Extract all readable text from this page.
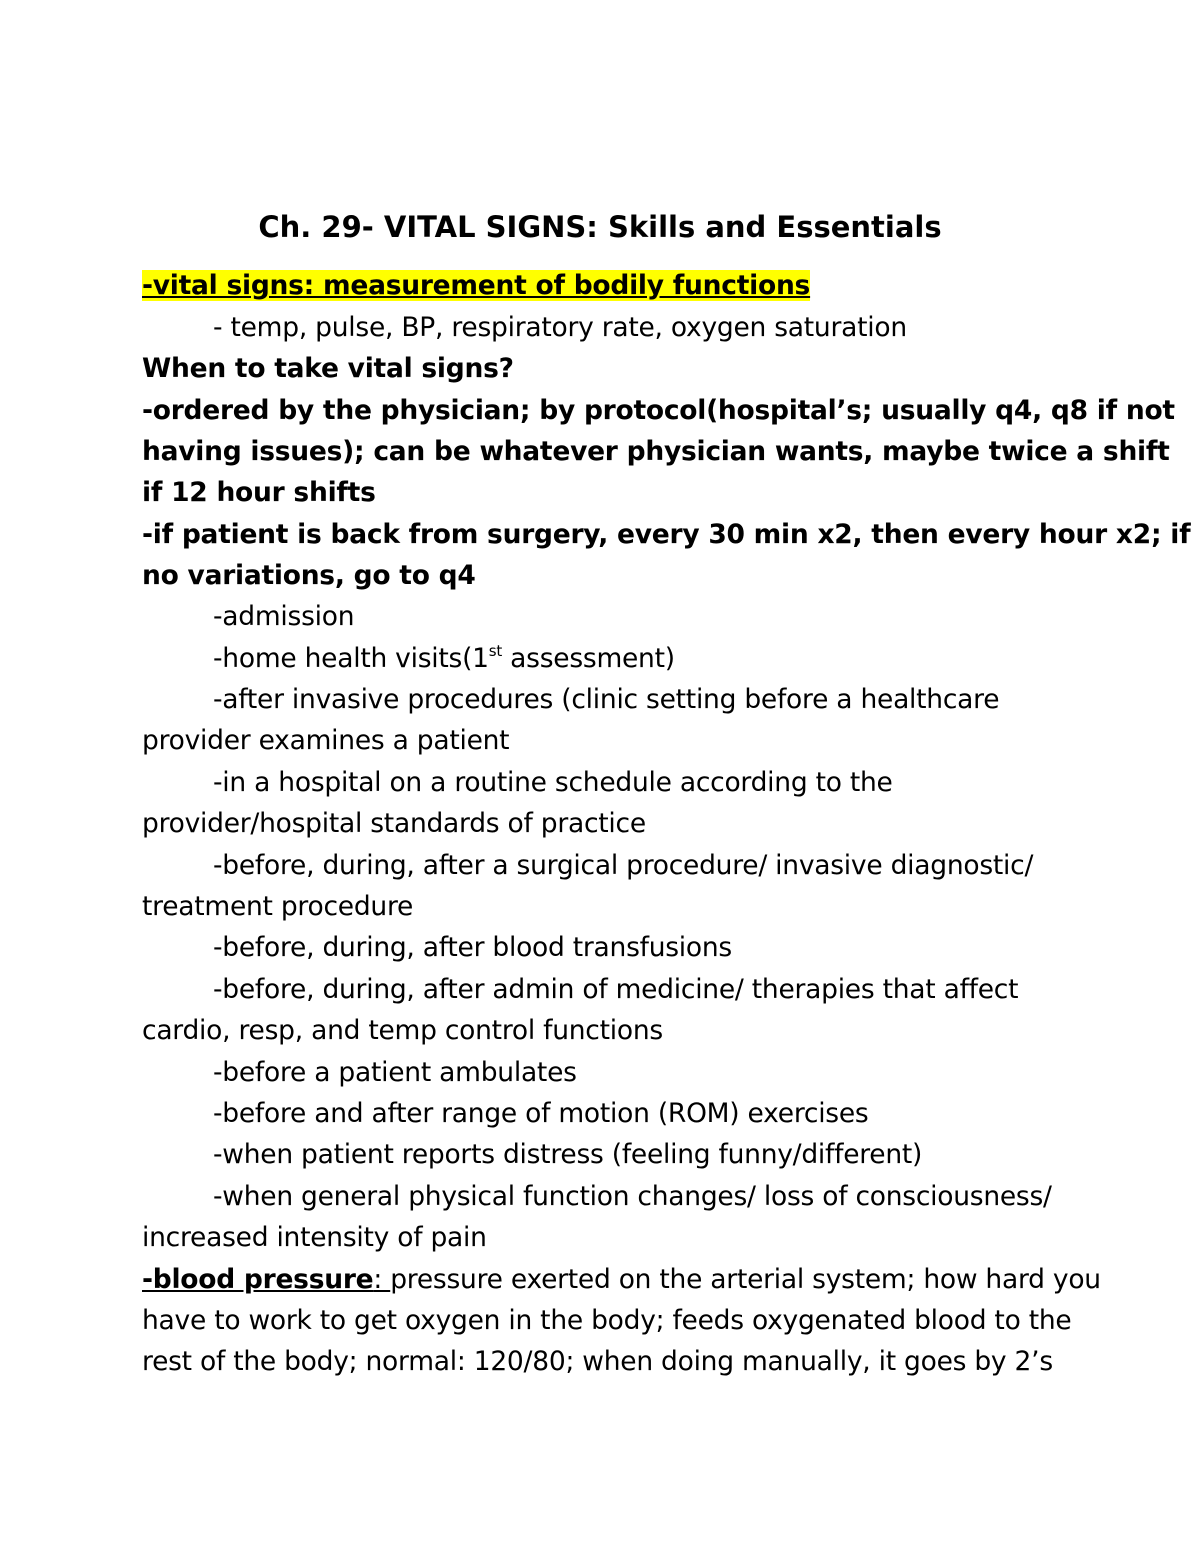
Ch. 29- VITAL SIGNS: Skills and Essentials
-vital signs: measurement of bodily functions
- temp, pulse, BP, respiratory rate, oxygen saturation
When to take vital signs?
-ordered by the physician; by protocol(hospital’s; usually q4, q8 if not
having issues); can be whatever physician wants, maybe twice a shift
if 12 hour shifts
-if patient is back from surgery, every 30 min x2, then every hour x2; if
no variations, go to q4
-admission
-home health visits(1st assessment)
-after invasive procedures (clinic setting before a healthcare
provider examines a patient
-in a hospital on a routine schedule according to the
provider/hospital standards of practice
-before, during, after a surgical procedure/ invasive diagnostic/
treatment procedure
-before, during, after blood transfusions
-before, during, after admin of medicine/ therapies that affect
cardio, resp, and temp control functions
-before a patient ambulates
-before and after range of motion (ROM) exercises
-when patient reports distress (feeling funny/different)
-when general physical function changes/ loss of consciousness/
increased intensity of pain
-blood pressure: pressure exerted on the arterial system; how hard you
have to work to get oxygen in the body; feeds oxygenated blood to the
rest of the body; normal: 120/80; when doing manually, it goes by 2’s
